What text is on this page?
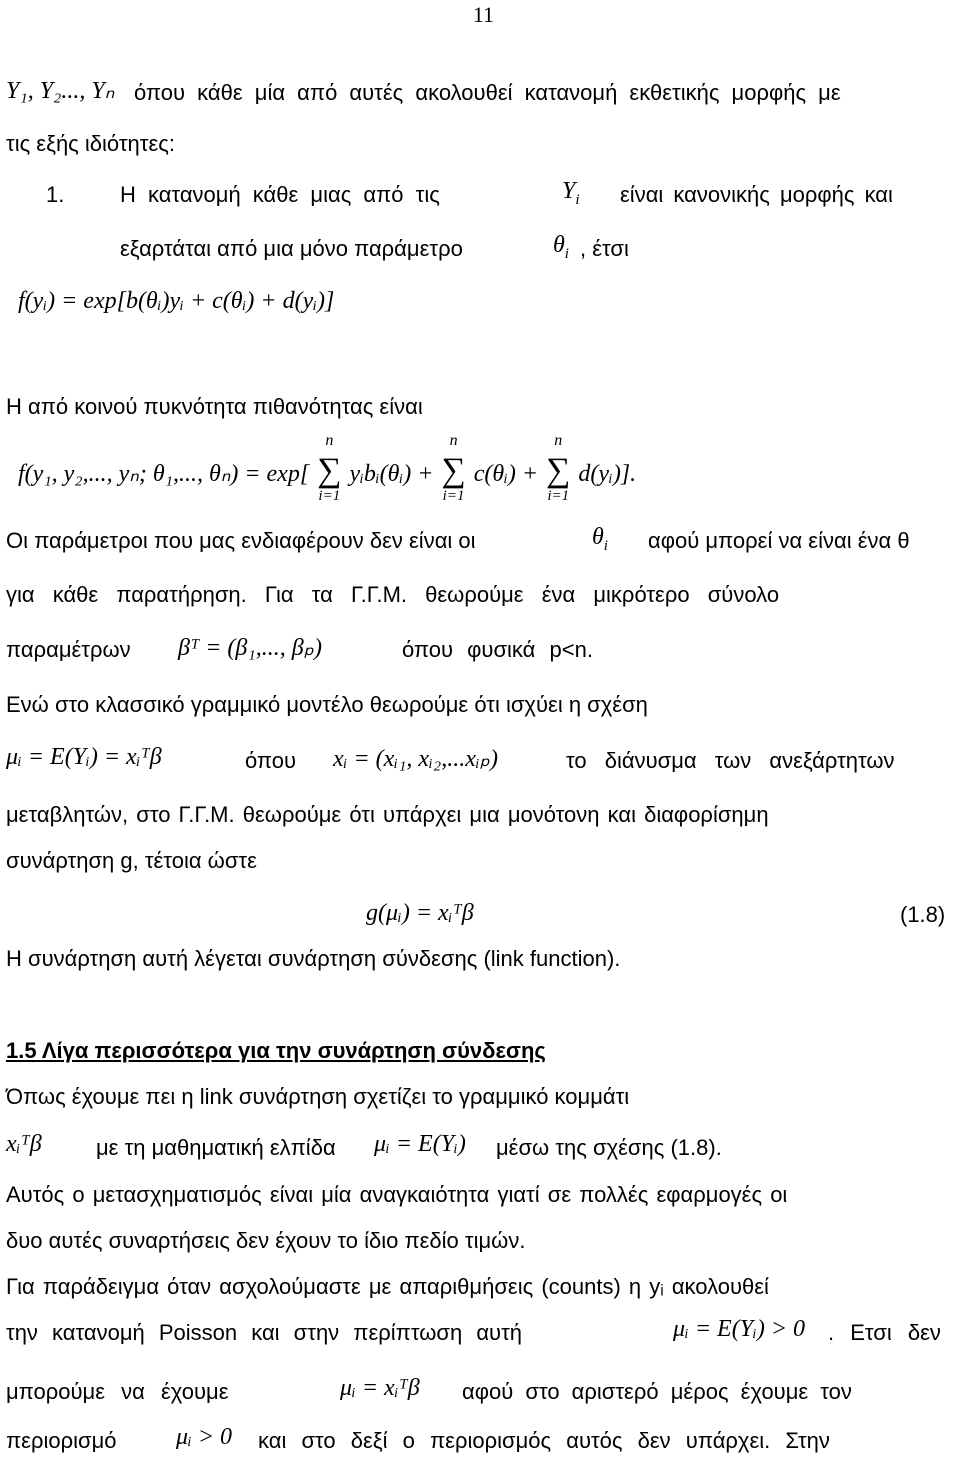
11
Y₁, Y₂..., Yₙ όπου κάθε μία από αυτές ακολουθεί κατανομή εκθετικής μορφής με
τις εξής ιδιότητες:
1.	Η κατανομή κάθε μιας από τις	$Y_i$ είναι κανονικής μορφής και
εξαρτάται από μια μόνο παράμετρο	$\theta_i$ , έτσι
f(yᵢ) = exp[b(θᵢ)yᵢ + c(θᵢ) + d(yᵢ)]
Η από κοινού πυκνότητα πιθανότητας είναι
f(y₁, y₂,..., yₙ; θ₁,..., θₙ) = exp[
n
∑
i=1
yᵢbᵢ(θᵢ) +
n
∑
i=1
c(θᵢ) +
n
∑
i=1
d(yᵢ)].
Οι παράμετροι που μας ενδιαφέρουν δεν είναι οι	$\theta_i$ αφού μπορεί να είναι ένα θ
για κάθε παρατήρηση. Για τα Γ.Γ.Μ. θεωρούμε ένα μικρότερο σύνολο
παραμέτρων βᵀ = (β₁,..., βₚ)	όπου φυσικά p<n.
Ενώ στο κλασσικό γραμμικό μοντέλο θεωρούμε ότι ισχύει η σχέση
μᵢ = E(Yᵢ) = xᵢᵀβ	όπου xᵢ = (xᵢ₁, xᵢ₂,...xᵢₚ)	το διάνυσμα των ανεξάρτητων
μεταβλητών, στο Γ.Γ.Μ. θεωρούμε ότι υπάρχει μια μονότονη και διαφορίσημη
συνάρτηση g, τέτοια ώστε
g(μᵢ) = xᵢᵀβ	(1.8)
Η συνάρτηση αυτή λέγεται συνάρτηση σύνδεσης (link function).
1.5 Λίγα περισσότερα για την συνάρτηση σύνδεσης
Όπως έχουμε πει η link συνάρτηση σχετίζει το γραμμικό κομμάτι
xᵢᵀβ με τη μαθηματική ελπίδα μᵢ = E(Yᵢ) μέσω της σχέσης (1.8).
Αυτός ο μετασχηματισμός είναι μία αναγκαιότητα γιατί σε πολλές εφαρμογές οι
δυο αυτές συναρτήσεις δεν έχουν το ίδιο πεδίο τιμών.
Για παράδειγμα όταν ασχολούμαστε με απαριθμήσεις (counts) η yᵢ ακολουθεί
την κατανομή Poisson και στην περίπτωση αυτή	μᵢ = E(Yᵢ) > 0 . Ετσι δεν
μπορούμε να έχουμε	μᵢ = xᵢᵀβ αφού στο αριστερό μέρος έχουμε τον
περιορισμό μᵢ > 0 και στο δεξί ο περιορισμός αυτός δεν υπάρχει. Στην
